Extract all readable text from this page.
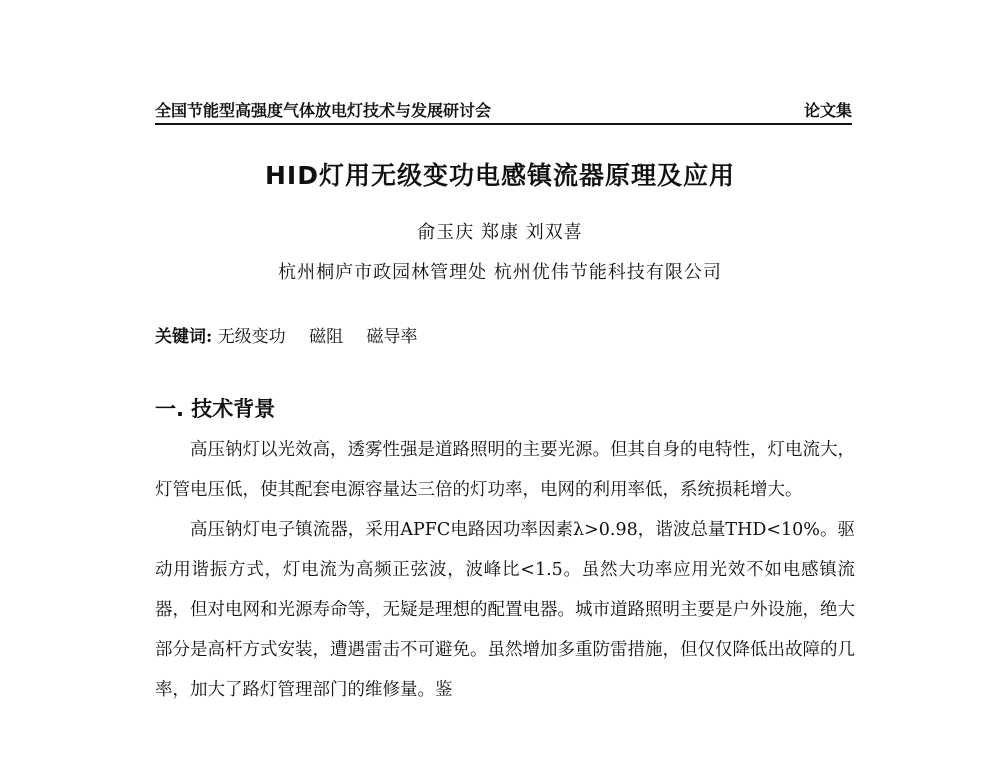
全国节能型高强度气体放电灯技术与发展研讨会	论文集
HID灯用无级变功电感镇流器原理及应用
俞玉庆 郑康 刘双喜
杭州桐庐市政园林管理处 杭州优伟节能科技有限公司
关键词: 无级变功 磁阻 磁导率
一. 技术背景

高压钠灯以光效高，透雾性强是道路照明的主要光源。但其自身的电特性，灯电流大，灯管电压低，使其配套电源容量达三倍的灯功率，电网的利用率低，系统损耗增大。

高压钠灯电子镇流器，采用APFC电路因功率因素λ>0.98，谐波总量THD<10%。驱动用谐振方式，灯电流为高频正弦波，波峰比<1.5。虽然大功率应用光效不如电感镇流器，但对电网和光源寿命等，无疑是理想的配置电器。城市道路照明主要是户外设施，绝大部分是高杆方式安装，遭遇雷击不可避免。虽然增加多重防雷措施，但仅仅降低出故障的几率，加大了路灯管理部门的维修量。鉴
